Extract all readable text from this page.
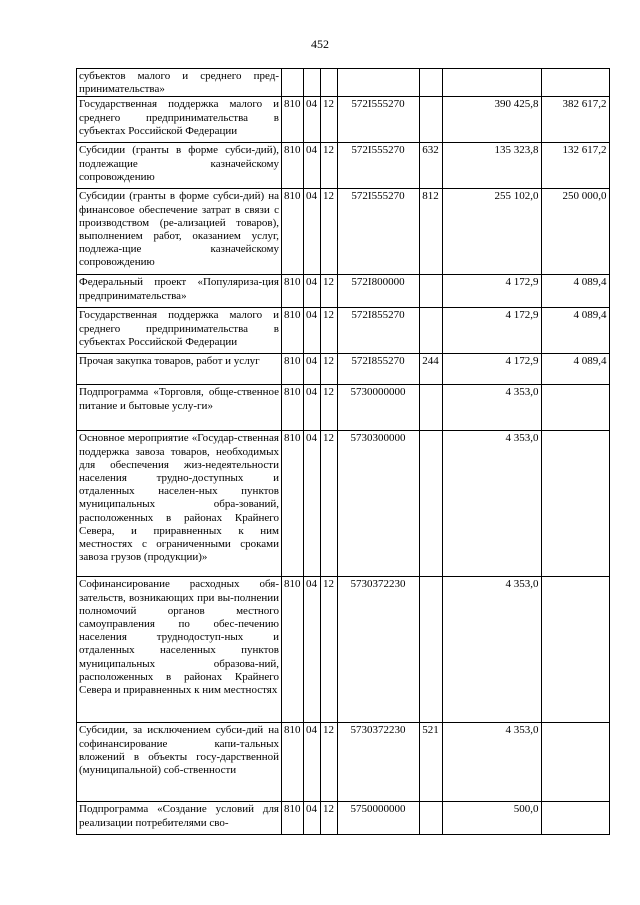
452
субъектов малого и среднего пред-принимательства»							
Государственная поддержка малого и среднего предпринимательства в субъектах Российской Федерации	810	04	12	572I555270		390 425,8	382 617,2
Субсидии (гранты в форме субси-дий), подлежащие казначейскому сопровождению	810	04	12	572I555270	632	135 323,8	132 617,2
Субсидии (гранты в форме субси-дий) на финансовое обеспечение затрат в связи с производством (ре-ализацией товаров), выполнением работ, оказанием услуг, подлежа-щие казначейскому сопровождению	810	04	12	572I555270	812	255 102,0	250 000,0
Федеральный проект «Популяриза-ция предпринимательства»	810	04	12	572I800000		4 172,9	4 089,4
Государственная поддержка малого и среднего предпринимательства в субъектах Российской Федерации	810	04	12	572I855270		4 172,9	4 089,4
Прочая закупка товаров, работ и услуг	810	04	12	572I855270	244	4 172,9	4 089,4
Подпрограмма «Торговля, обще-ственное питание и бытовые услу-ги»	810	04	12	5730000000		4 353,0	
Основное мероприятие «Государ-ственная поддержка завоза товаров, необходимых для обеспечения жиз-недеятельности населения трудно-доступных и отдаленных населен-ных пунктов муниципальных обра-зований, расположенных в районах Крайнего Севера, и приравненных к ним местностях с ограниченными сроками завоза грузов (продукции)»	810	04	12	5730300000		4 353,0	
Софинансирование расходных обя-зательств, возникающих при вы-полнении полномочий органов местного самоуправления по обес-печению населения труднодоступ-ных и отдаленных населенных пунктов муниципальных образова-ний, расположенных в районах Крайнего Севера и приравненных к ним местностях	810	04	12	5730372230		4 353,0	
Субсидии, за исключением субси-дий на софинансирование капи-тальных вложений в объекты госу-дарственной (муниципальной) соб-ственности	810	04	12	5730372230	521	4 353,0	
Подпрограмма «Создание условий для реализации потребителями сво-	810	04	12	5750000000		500,0	
